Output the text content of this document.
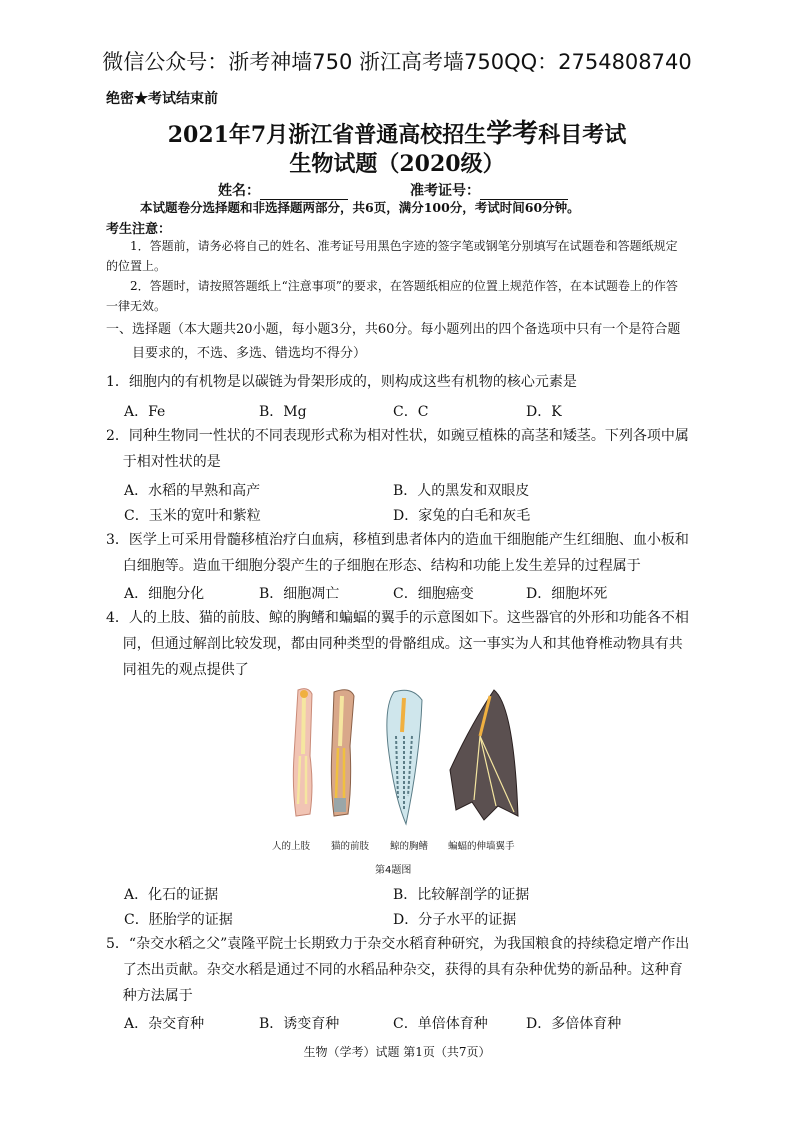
微信公众号：浙考神墙750 浙江高考墙750QQ：2754808740
绝密★考试结束前
2021年7月浙江省普通高校招生学考科目考试
生物试题（2020级）
姓名：	准考证号：
本试题卷分选择题和非选择题两部分，共6页，满分100分，考试时间60分钟。
考生注意：
1．答题前，请务必将自己的姓名、准考证号用黑色字迹的签字笔或钢笔分别填写在试题卷和答题纸规定的位置上。
2．答题时，请按照答题纸上“注意事项”的要求，在答题纸相应的位置上规范作答，在本试题卷上的作答一律无效。
一、选择题（本大题共20小题，每小题3分，共60分。每小题列出的四个备选项中只有一个是符合题目要求的，不选、多选、错选均不得分）
1．细胞内的有机物是以碳链为骨架形成的，则构成这些有机物的核心元素是
A．Fe	B．Mg	C．C	D．K
2．同种生物同一性状的不同表现形式称为相对性状，如豌豆植株的高茎和矮茎。下列各项中属于相对性状的是
A．水稻的早熟和高产	B．人的黑发和双眼皮
C．玉米的宽叶和紫粒	D．家兔的白毛和灰毛
3．医学上可采用骨髓移植治疗白血病，移植到患者体内的造血干细胞能产生红细胞、血小板和白细胞等。造血干细胞分裂产生的子细胞在形态、结构和功能上发生差异的过程属于
A．细胞分化	B．细胞凋亡	C．细胞癌变	D．细胞坏死
4．人的上肢、猫的前肢、鲸的胸鳍和蝙蝠的翼手的示意图如下。这些器官的外形和功能各不相同，但通过解剖比较发现，都由同种类型的骨骼组成。这一事实为人和其他脊椎动物具有共同祖先的观点提供了
人的上肢 猫的前肢 鲸的胸鳍 蝙蝠的伸墙翼手
第4题图
A．化石的证据	B．比较解剖学的证据
C．胚胎学的证据	D．分子水平的证据
5．“杂交水稻之父”袁隆平院士长期致力于杂交水稻育种研究，为我国粮食的持续稳定增产作出了杰出贡献。杂交水稻是通过不同的水稻品种杂交，获得的具有杂种优势的新品种。这种育种方法属于
A．杂交育种	B．诱变育种	C．单倍体育种	D．多倍体育种
生物（学考）试题 第1页（共7页）
